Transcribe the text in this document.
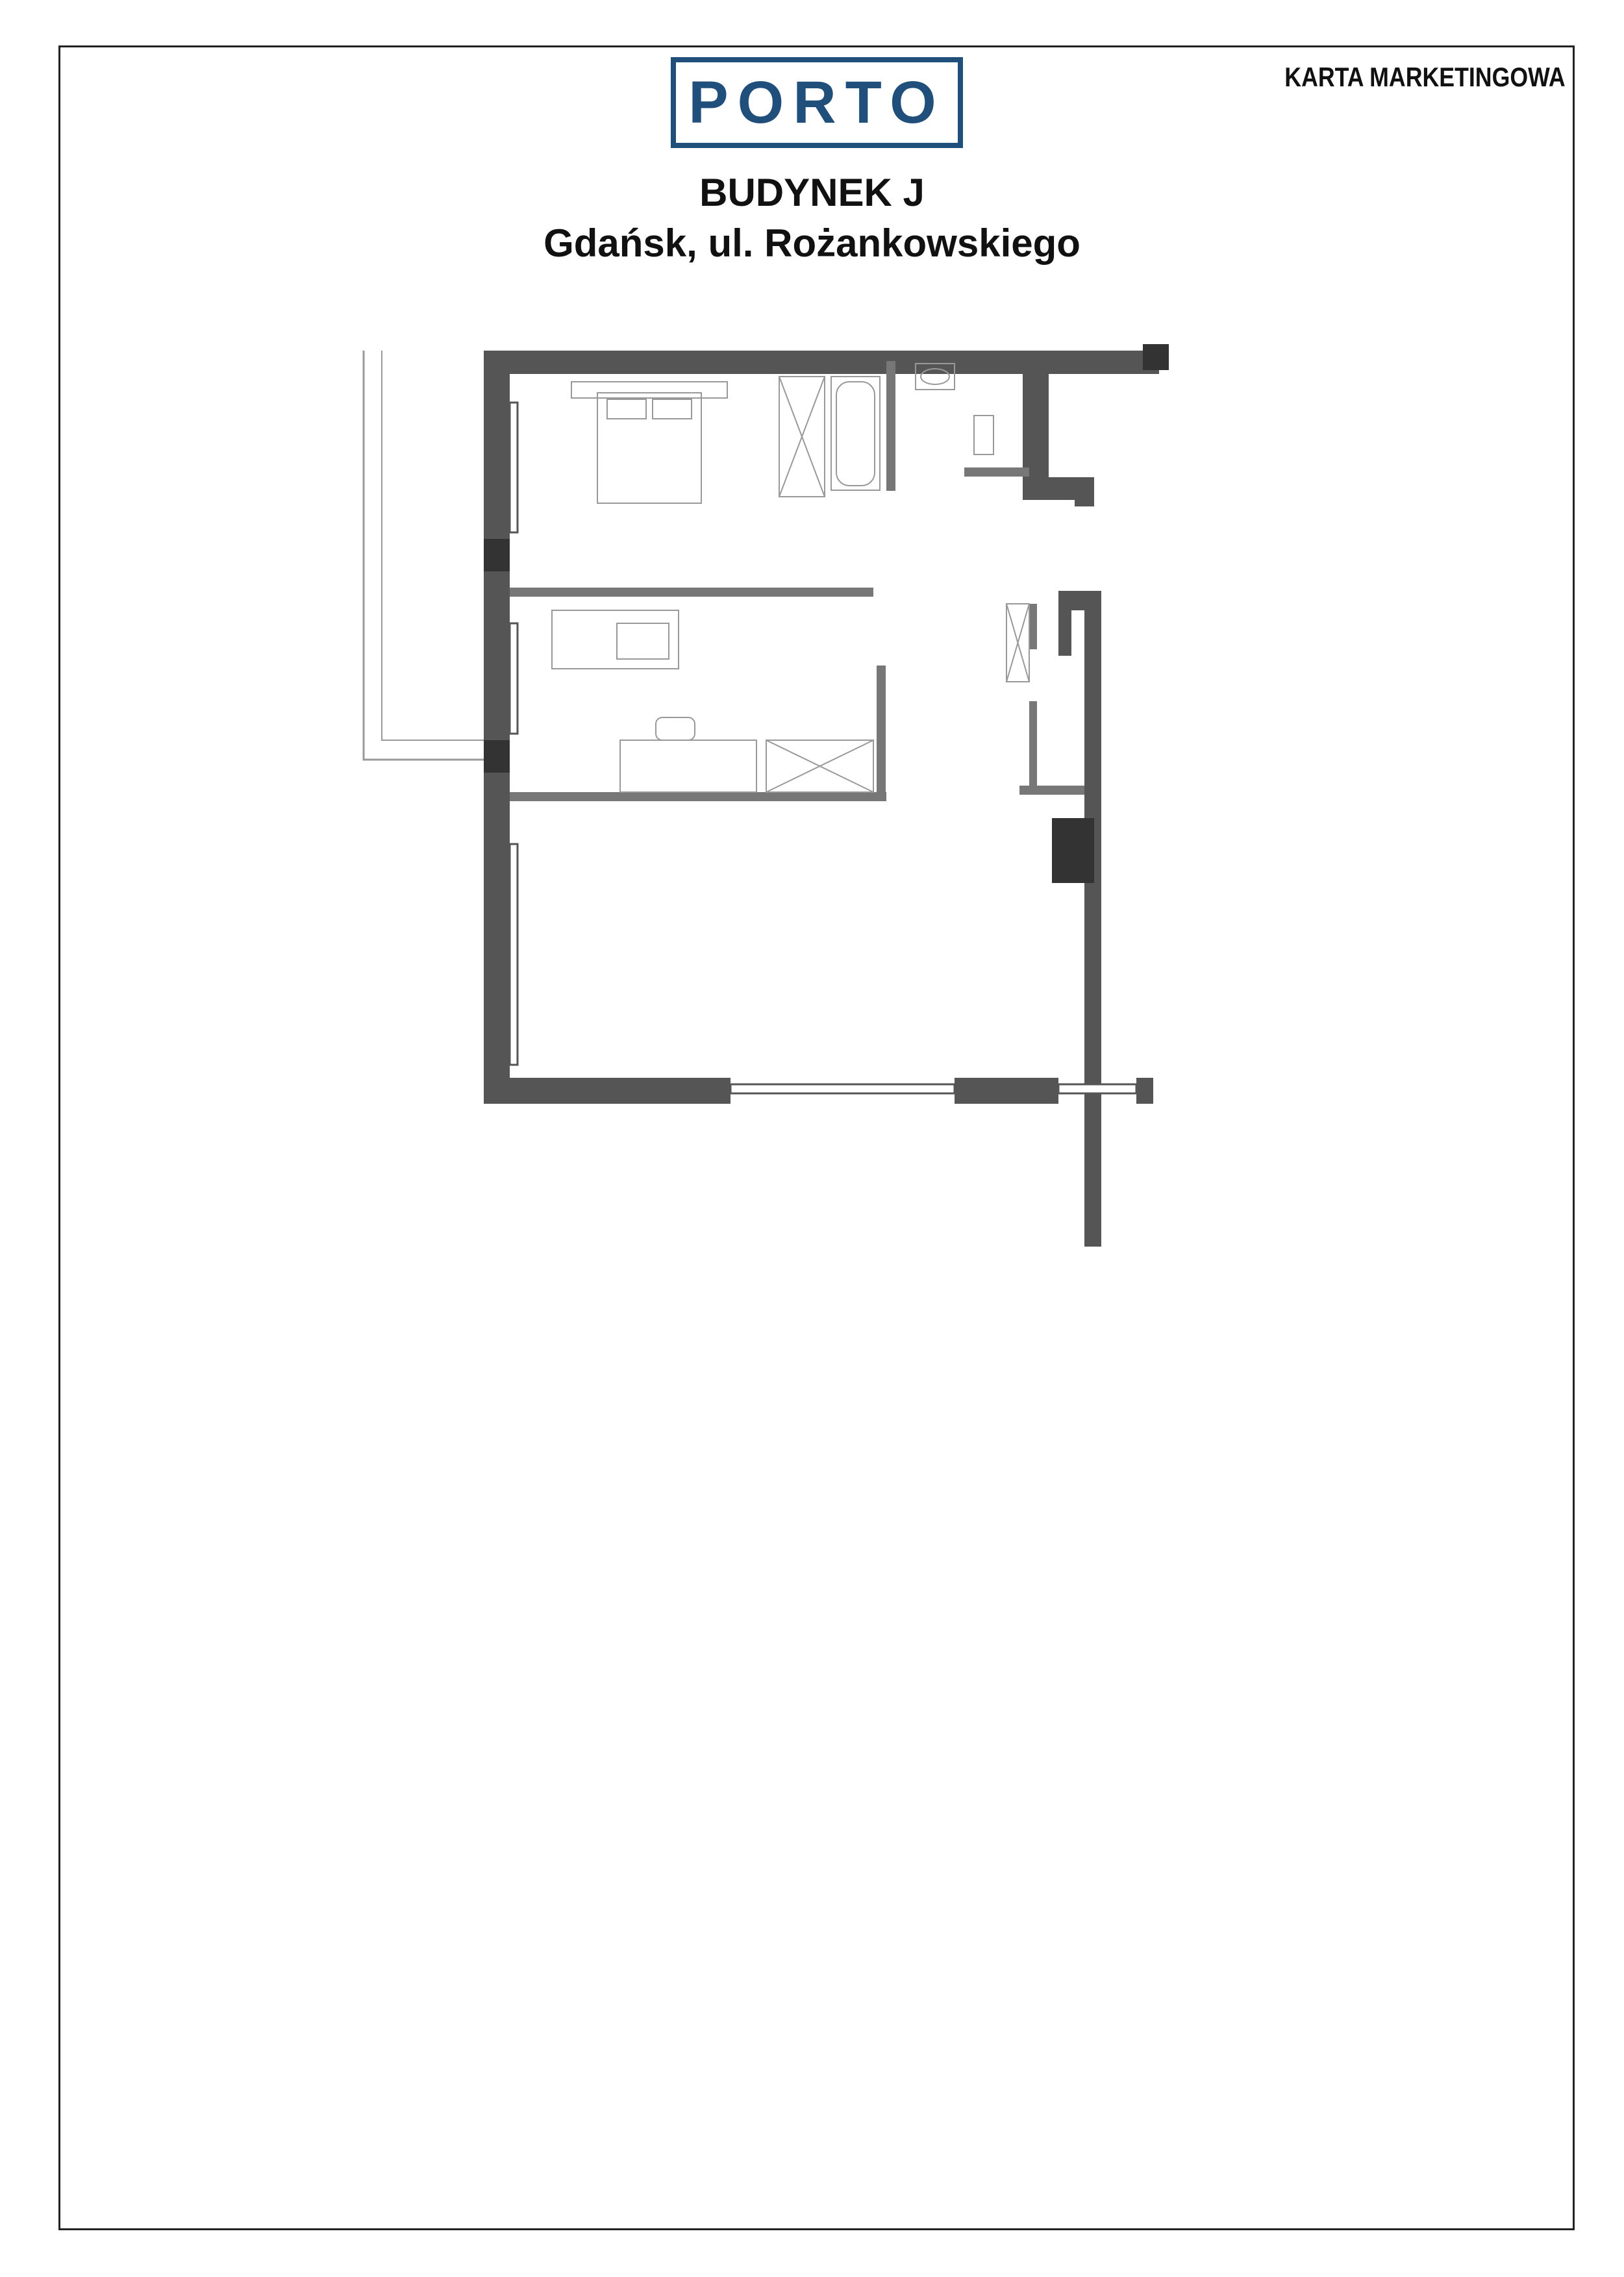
PORTO	KARTA MARKETINGOWA
BUDYNEK J
Gdańsk, ul. Rożankowskiego
